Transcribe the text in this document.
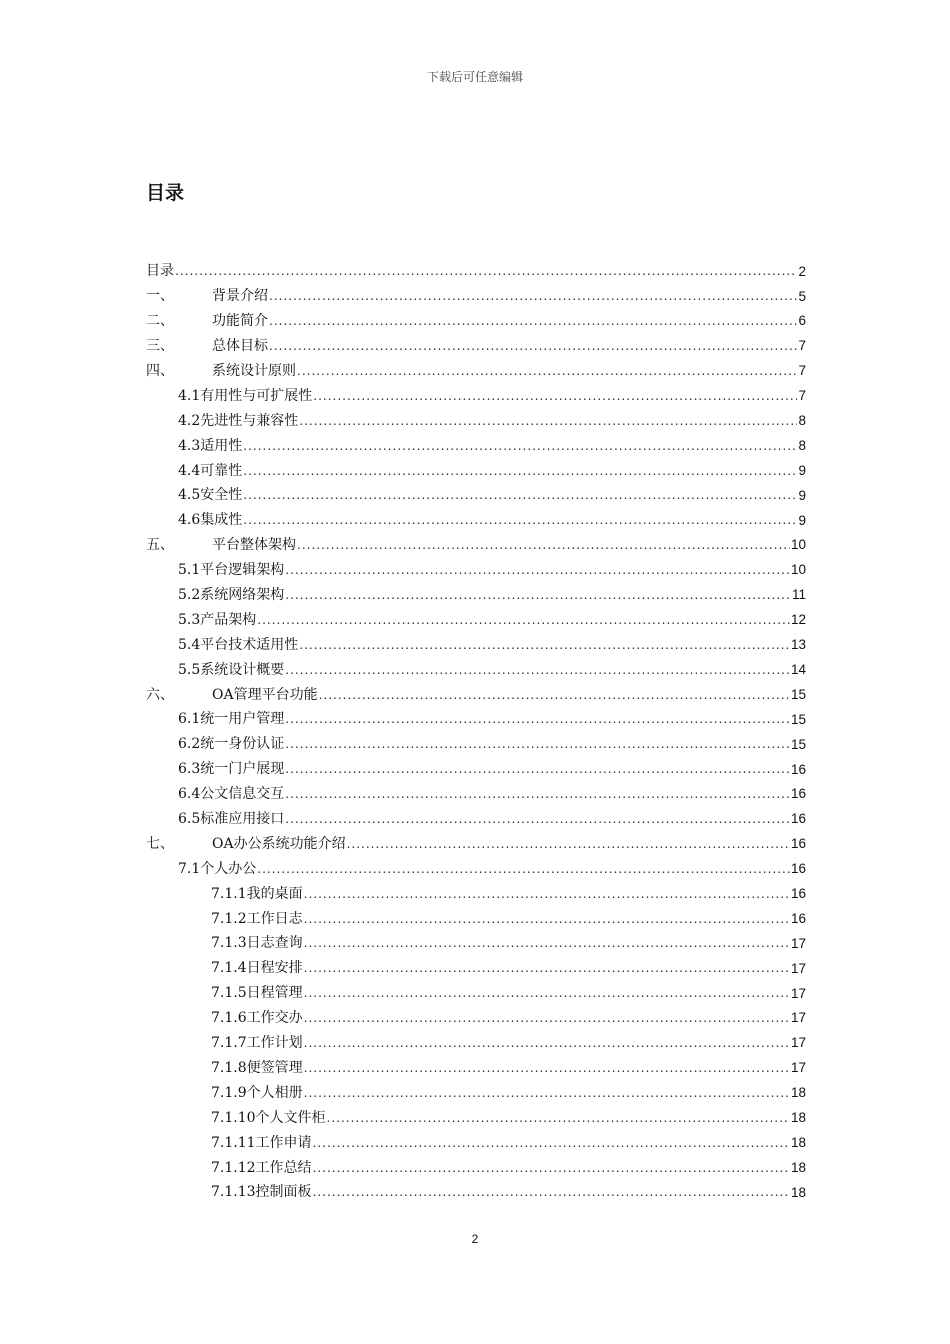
下载后可任意编辑
目录
目录 .....	2
一、	背景介绍 .....	5
二、	功能简介 .....	6
三、	总体目标 .....	7
四、	系统设计原则 .....	7
4.1有用性与可扩展性 .....	7
4.2先进性与兼容性 .....	8
4.3适用性 .....	8
4.4可靠性 .....	9
4.5安全性 .....	9
4.6集成性 .....	9
五、	平台整体架构 .....	10
5.1平台逻辑架构 .....	10
5.2系统网络架构 .....	11
5.3产品架构 .....	12
5.4平台技术适用性 .....	13
5.5系统设计概要 .....	14
六、	OA管理平台功能 .....	15
6.1统一用户管理 .....	15
6.2统一身份认证 .....	15
6.3统一门户展现 .....	16
6.4公文信息交互 .....	16
6.5标准应用接口 .....	16
七、	OA办公系统功能介绍 .....	16
7.1个人办公 .....	16
7.1.1我的桌面 .....	16
7.1.2工作日志 .....	16
7.1.3日志查询 .....	17
7.1.4日程安排 .....	17
7.1.5日程管理 .....	17
7.1.6工作交办 .....	17
7.1.7工作计划 .....	17
7.1.8便签管理 .....	17
7.1.9个人相册 .....	18
7.1.10个人文件柜 .....	18
7.1.11工作申请 .....	18
7.1.12工作总结 .....	18
7.1.13控制面板 .....	18
2
